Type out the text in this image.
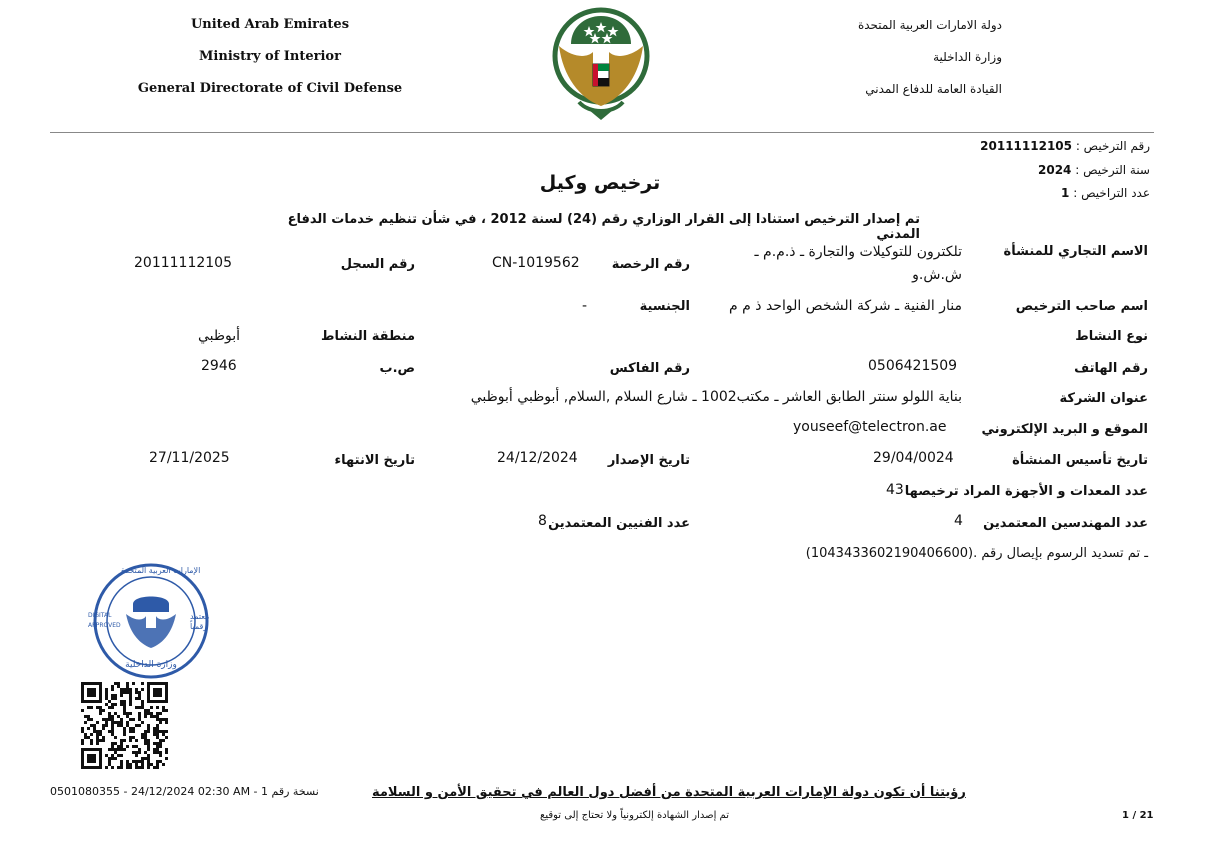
United Arab Emirates
Ministry of Interior
General Directorate of Civil Defense
دولة الامارات العربية المتحدة
وزارة الداخلية
القيادة العامة للدفاع المدني
رقم الترخيص : 20111112105
سنة الترخيص : 2024
عدد التراخيص : 1
ترخيص وكيل
تم إصدار الترخيص استنادا إلى القرار الوزاري رقم (24) لسنة 2012 ، في شأن تنظيم خدمات الدفاع المدني
الاسم التجاري للمنشأة
تلكترون للتوكيلات والتجارة ـ ذ.م.م ـ
ش.ش.و
رقم الرخصة
CN-1019562
رقم السجل
20111112105
اسم صاحب الترخيص
منار الفنية ـ شركة الشخص الواحد ذ م م
الجنسية
-
نوع النشاط
منطقة النشاط
أبوظبي
رقم الهاتف
0506421509
رقم الفاكس
ص.ب
2946
عنوان الشركة
بناية اللولو سنتر الطابق العاشر ـ مكتب1002 ـ شارع السلام ,السلام, أبوظبي أبوظبي
الموقع و البريد الإلكتروني
youseef@telectron.ae
تاريخ تأسيس المنشأة
29/04/0024
تاريخ الإصدار
24/12/2024
تاريخ الانتهاء
27/11/2025
عدد المعدات و الأجهزة المراد ترخيصها
43
عدد المهندسين المعتمدين
4
عدد الفنيين المعتمدين
8
ـ تم تسديد الرسوم بإيصال رقم .(1043433602190406600)
الإمارات العربية المتحدة
وزارة الداخلية
DIGITAL
APPROVED
معتمد
رقمياً
0501080355 - 24/12/2024 02:30 AM - نسخة رقم 1	رؤيتنا أن تكون دولة الإمارات العربية المتحدة من أفضل دول العالم في تحقيق الأمن و السلامة
تم إصدار الشهادة إلكترونياً ولا تحتاج إلى توقيع	1 / 21
